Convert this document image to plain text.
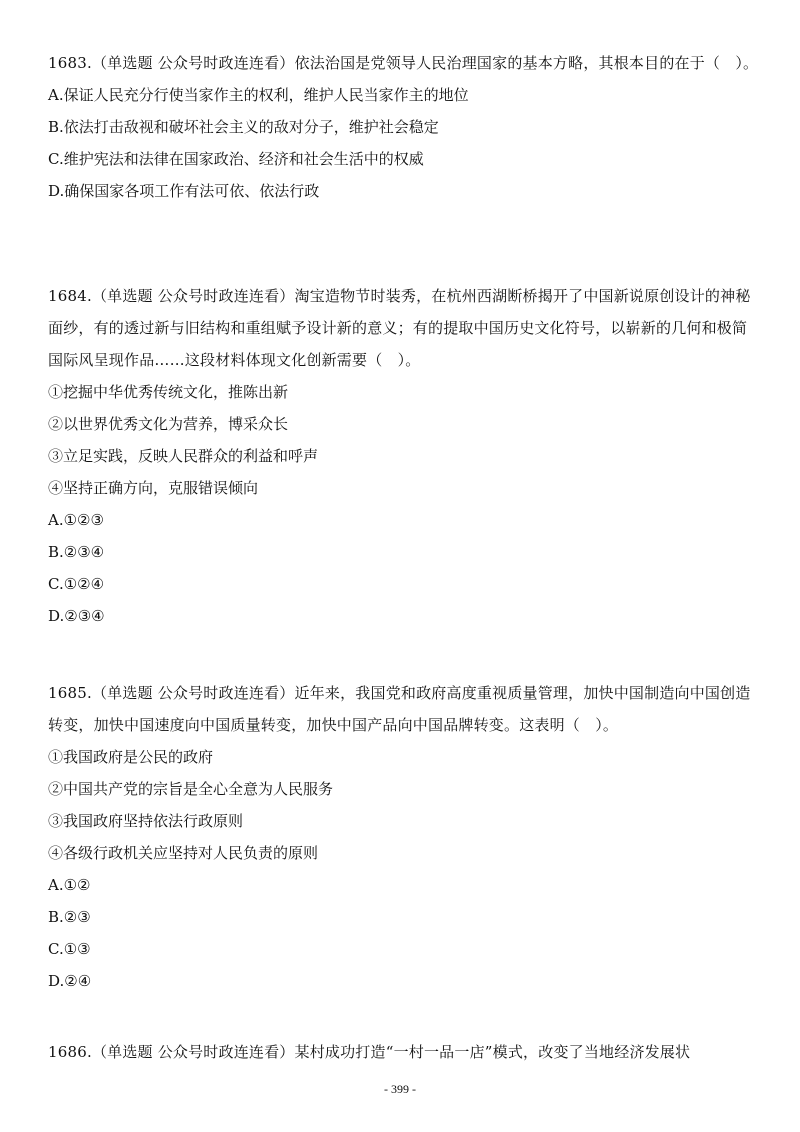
1683.（单选题 公众号时政连连看）依法治国是党领导人民治理国家的基本方略，其根本目的在于（　）。

A.保证人民充分行使当家作主的权利，维护人民当家作主的地位
B.依法打击敌视和破坏社会主义的敌对分子，维护社会稳定
C.维护宪法和法律在国家政治、经济和社会生活中的权威
D.确保国家各项工作有法可依、依法行政

1684.（单选题 公众号时政连连看）淘宝造物节时装秀，在杭州西湖断桥揭开了中国新说原创设计的神秘面纱，有的透过新与旧结构和重组赋予设计新的意义；有的提取中国历史文化符号，以崭新的几何和极简国际风呈现作品……这段材料体现文化创新需要（　）。

①挖掘中华优秀传统文化，推陈出新
②以世界优秀文化为营养，博采众长
③立足实践，反映人民群众的利益和呼声
④坚持正确方向，克服错误倾向
A.①②③
B.②③④
C.①②④
D.②③④

1685.（单选题 公众号时政连连看）近年来，我国党和政府高度重视质量管理，加快中国制造向中国创造转变，加快中国速度向中国质量转变，加快中国产品向中国品牌转变。这表明（　）。

①我国政府是公民的政府
②中国共产党的宗旨是全心全意为人民服务
③我国政府坚持依法行政原则
④各级行政机关应坚持对人民负责的原则
A.①②
B.②③
C.①③
D.②④

1686.（单选题 公众号时政连连看）某村成功打造“一村一品一店”模式，改变了当地经济发展状

- 399 -
